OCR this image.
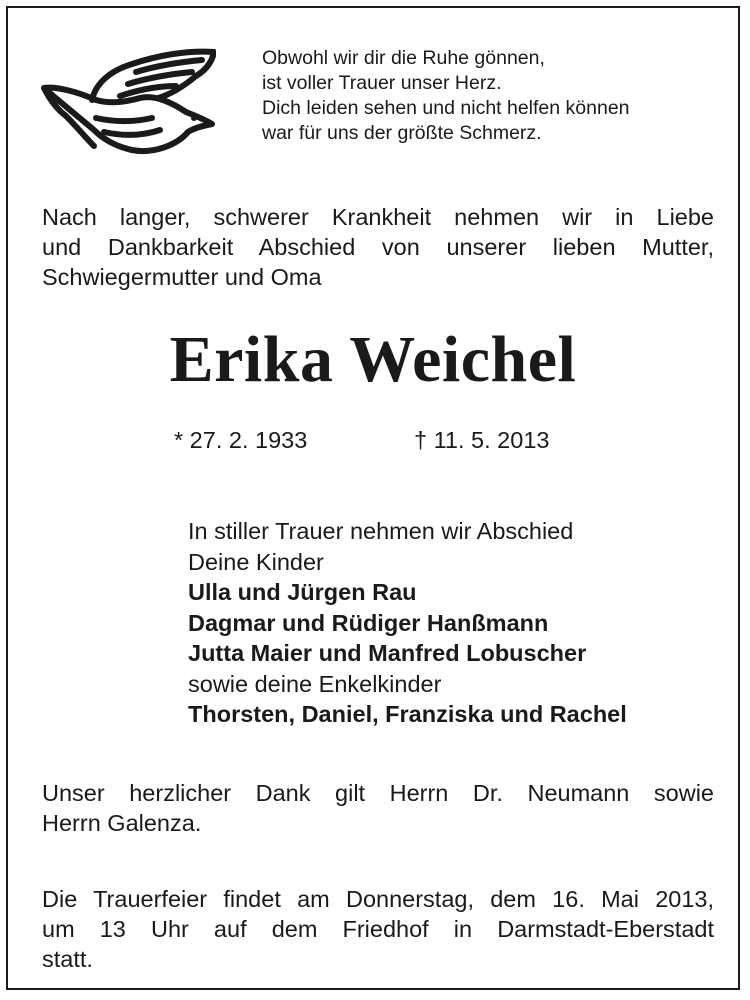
Obwohl wir dir die Ruhe gönnen,
ist voller Trauer unser Herz.
Dich leiden sehen und nicht helfen können
war für uns der größte Schmerz.
Nach langer, schwerer Krankheit nehmen wir in Liebe
und Dankbarkeit Abschied von unserer lieben Mutter,
Schwiegermutter und Oma
Erika Weichel
* 27. 2. 1933	† 11. 5. 2013
In stiller Trauer nehmen wir Abschied
Deine Kinder
Ulla und Jürgen Rau
Dagmar und Rüdiger Hanßmann
Jutta Maier und Manfred Lobuscher
sowie deine Enkelkinder
Thorsten, Daniel, Franziska und Rachel
Unser herzlicher Dank gilt Herrn Dr. Neumann sowie
Herrn Galenza.
Die Trauerfeier findet am Donnerstag, dem 16. Mai 2013,
um 13 Uhr auf dem Friedhof in Darmstadt-Eberstadt
statt.
